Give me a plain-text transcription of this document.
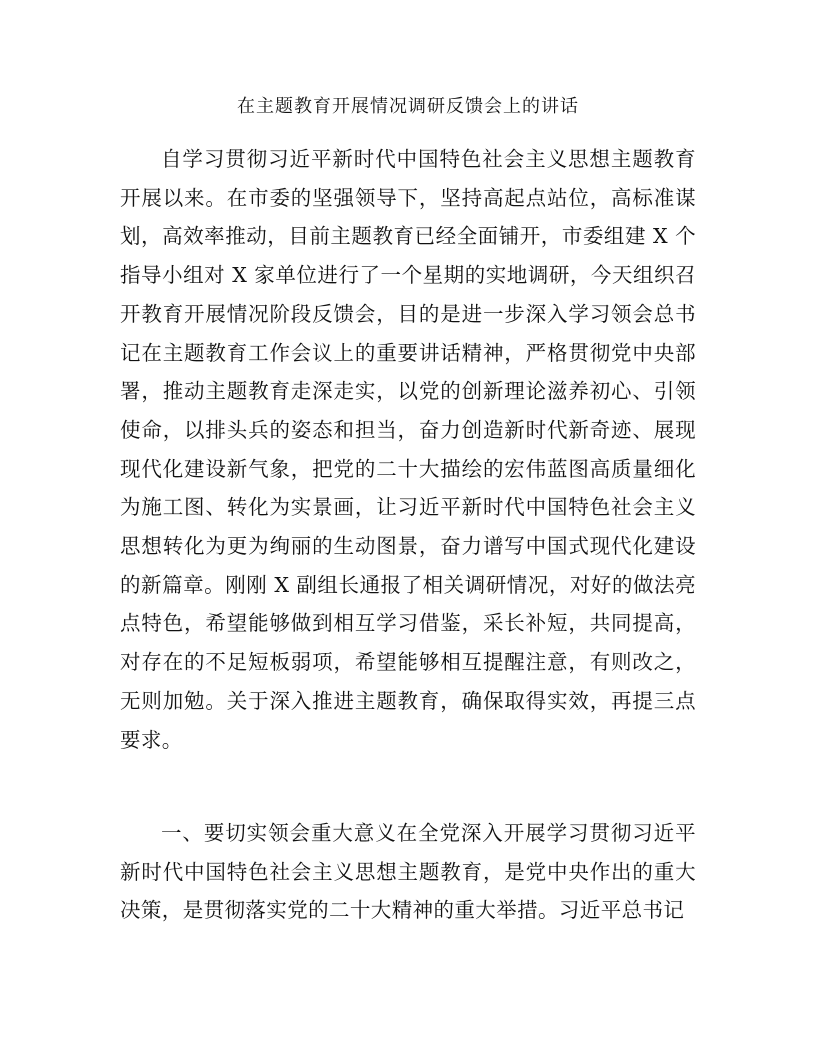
在主题教育开展情况调研反馈会上的讲话

自学习贯彻习近平新时代中国特色社会主义思想主题教育开展以来。在市委的坚强领导下，坚持高起点站位，高标准谋划，高效率推动，目前主题教育已经全面铺开，市委组建 X 个指导小组对 X 家单位进行了一个星期的实地调研，今天组织召开教育开展情况阶段反馈会，目的是进一步深入学习领会总书记在主题教育工作会议上的重要讲话精神，严格贯彻党中央部署，推动主题教育走深走实，以党的创新理论滋养初心、引领使命，以排头兵的姿态和担当，奋力创造新时代新奇迹、展现现代化建设新气象，把党的二十大描绘的宏伟蓝图高质量细化为施工图、转化为实景画，让习近平新时代中国特色社会主义思想转化为更为绚丽的生动图景，奋力谱写中国式现代化建设的新篇章。刚刚 X 副组长通报了相关调研情况，对好的做法亮点特色，希望能够做到相互学习借鉴，采长补短，共同提高，对存在的不足短板弱项，希望能够相互提醒注意，有则改之，无则加勉。关于深入推进主题教育，确保取得实效，再提三点要求。

一、要切实领会重大意义在全党深入开展学习贯彻习近平新时代中国特色社会主义思想主题教育，是党中央作出的重大决策，是贯彻落实党的二十大精神的重大举措。习近平总书记
